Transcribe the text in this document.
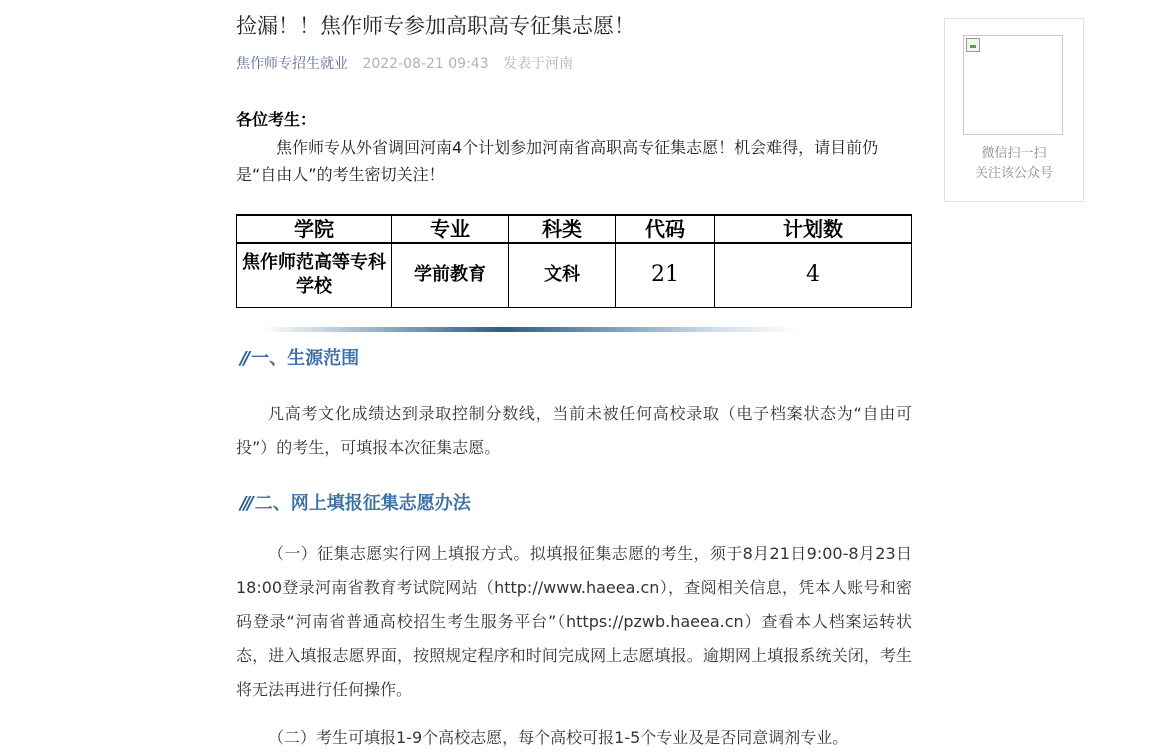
捡漏！！焦作师专参加高职高专征集志愿！
焦作师专招生就业 2022-08-21 09:43 发表于河南
各位考生：
焦作师专从外省调回河南4个计划参加河南省高职高专征集志愿！机会难得，请目前仍是“自由人”的考生密切关注！
学院	专业	科类	代码	计划数
焦作师范高等专科学校	学前教育	文科	21	4
// 一、生源范围
凡高考文化成绩达到录取控制分数线，当前未被任何高校录取（电子档案状态为“自由可投”）的考生，可填报本次征集志愿。
/// 二、网上填报征集志愿办法
（一）征集志愿实行网上填报方式。拟填报征集志愿的考生，须于8月21日9:00-8月23日18:00登录河南省教育考试院网站（http://www.haeea.cn），查阅相关信息，凭本人账号和密码登录“河南省普通高校招生考生服务平台”（https://pzwb.haeea.cn）查看本人档案运转状态，进入填报志愿界面，按照规定程序和时间完成网上志愿填报。逾期网上填报系统关闭，考生将无法再进行任何操作。
（二）考生可填报1-9个高校志愿，每个高校可报1-5个专业及是否同意调剂专业。
微信扫一扫
关注该公众号
